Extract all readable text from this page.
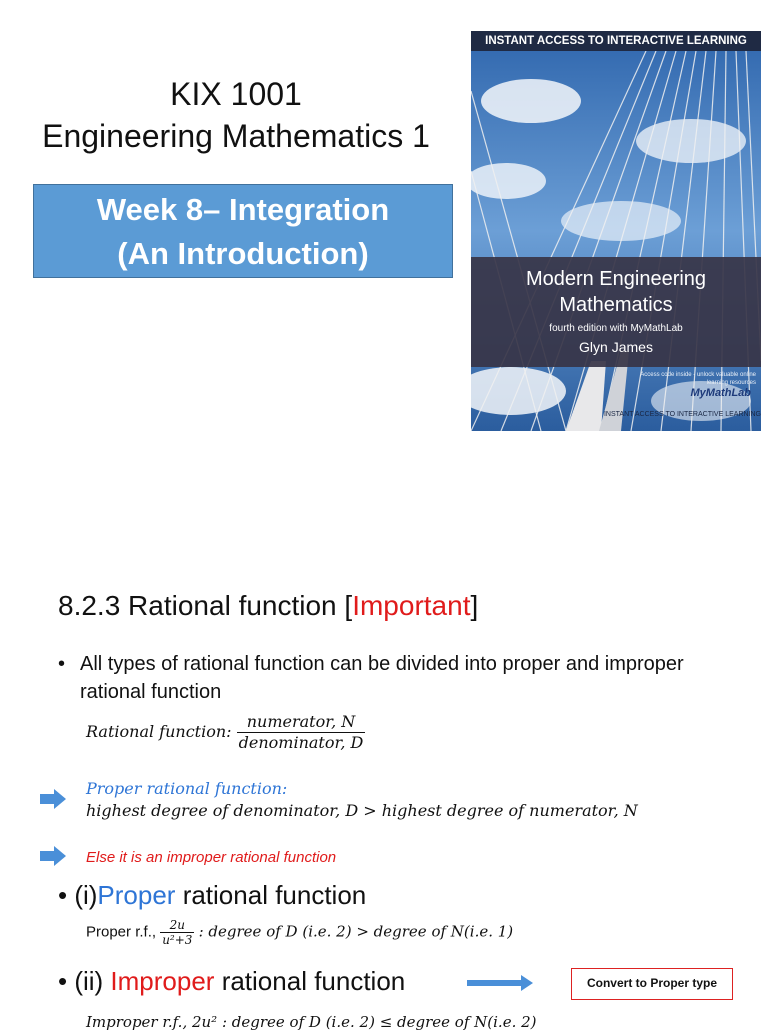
KIX 1001
Engineering Mathematics 1
Week 8– Integration
(An Introduction)
INSTANT ACCESS TO INTERACTIVE LEARNING
Modern Engineering
Mathematics
fourth edition with MyMathLab
Glyn James
Access code inside - unlock valuable online learning resources
MyMathLab
INSTANT ACCESS TO INTERACTIVE LEARNING
8.2.3 Rational function [Important]
• All types of rational function can be divided into proper and improper rational function
Rational function: $\frac{\text{numerator, N}}{\text{denominator, D}}$
Proper rational function:
highest degree of denominator, D > highest degree of numerator, N
Else it is an improper rational function
• (i)Proper rational function
Proper r.f., $\frac{2u}{\text{u²+3}}$ : degree of D (i.e. 2) > degree of N(i.e. 1)
• (ii) Improper rational function	Convert to Proper type
Improper r.f., 2u² : degree of D (i.e. 2) ≤ degree of N(i.e. 2)
